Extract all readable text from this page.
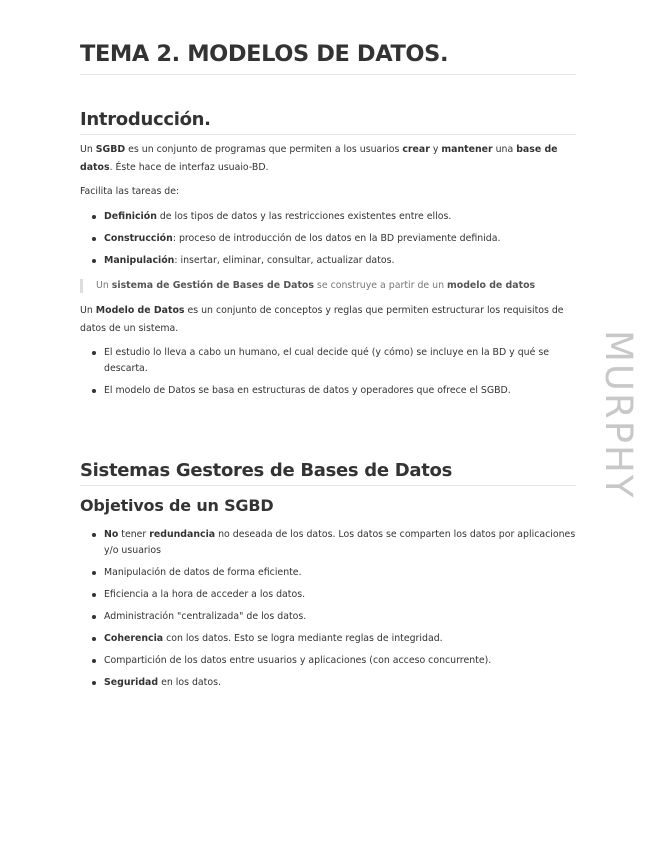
TEMA 2. MODELOS DE DATOS.
Introducción.

Un SGBD es un conjunto de programas que permiten a los usuarios crear y mantener una base de datos. Éste hace de interfaz usuaio-BD.

Facilita las tareas de:

Definición de los tipos de datos y las restricciones existentes entre ellos.
Construcción: proceso de introducción de los datos en la BD previamente definida.
Manipulación: insertar, eliminar, consultar, actualizar datos.
Un sistema de Gestión de Bases de Datos se construye a partir de un modelo de datos

Un Modelo de Datos es un conjunto de conceptos y reglas que permiten estructurar los requisitos de datos de un sistema.

El estudio lo lleva a cabo un humano, el cual decide qué (y cómo) se incluye en la BD y qué se descarta.
El modelo de Datos se basa en estructuras de datos y operadores que ofrece el SGBD.
Sistemas Gestores de Bases de Datos
Objetivos de un SGBD
No tener redundancia no deseada de los datos. Los datos se comparten los datos por aplicaciones y/o usuarios
Manipulación de datos de forma eficiente.
Eficiencia a la hora de acceder a los datos.
Administración "centralizada" de los datos.
Coherencia con los datos. Esto se logra mediante reglas de integridad.
Compartición de los datos entre usuarios y aplicaciones (con acceso concurrente).
Seguridad en los datos.
MURPHY
